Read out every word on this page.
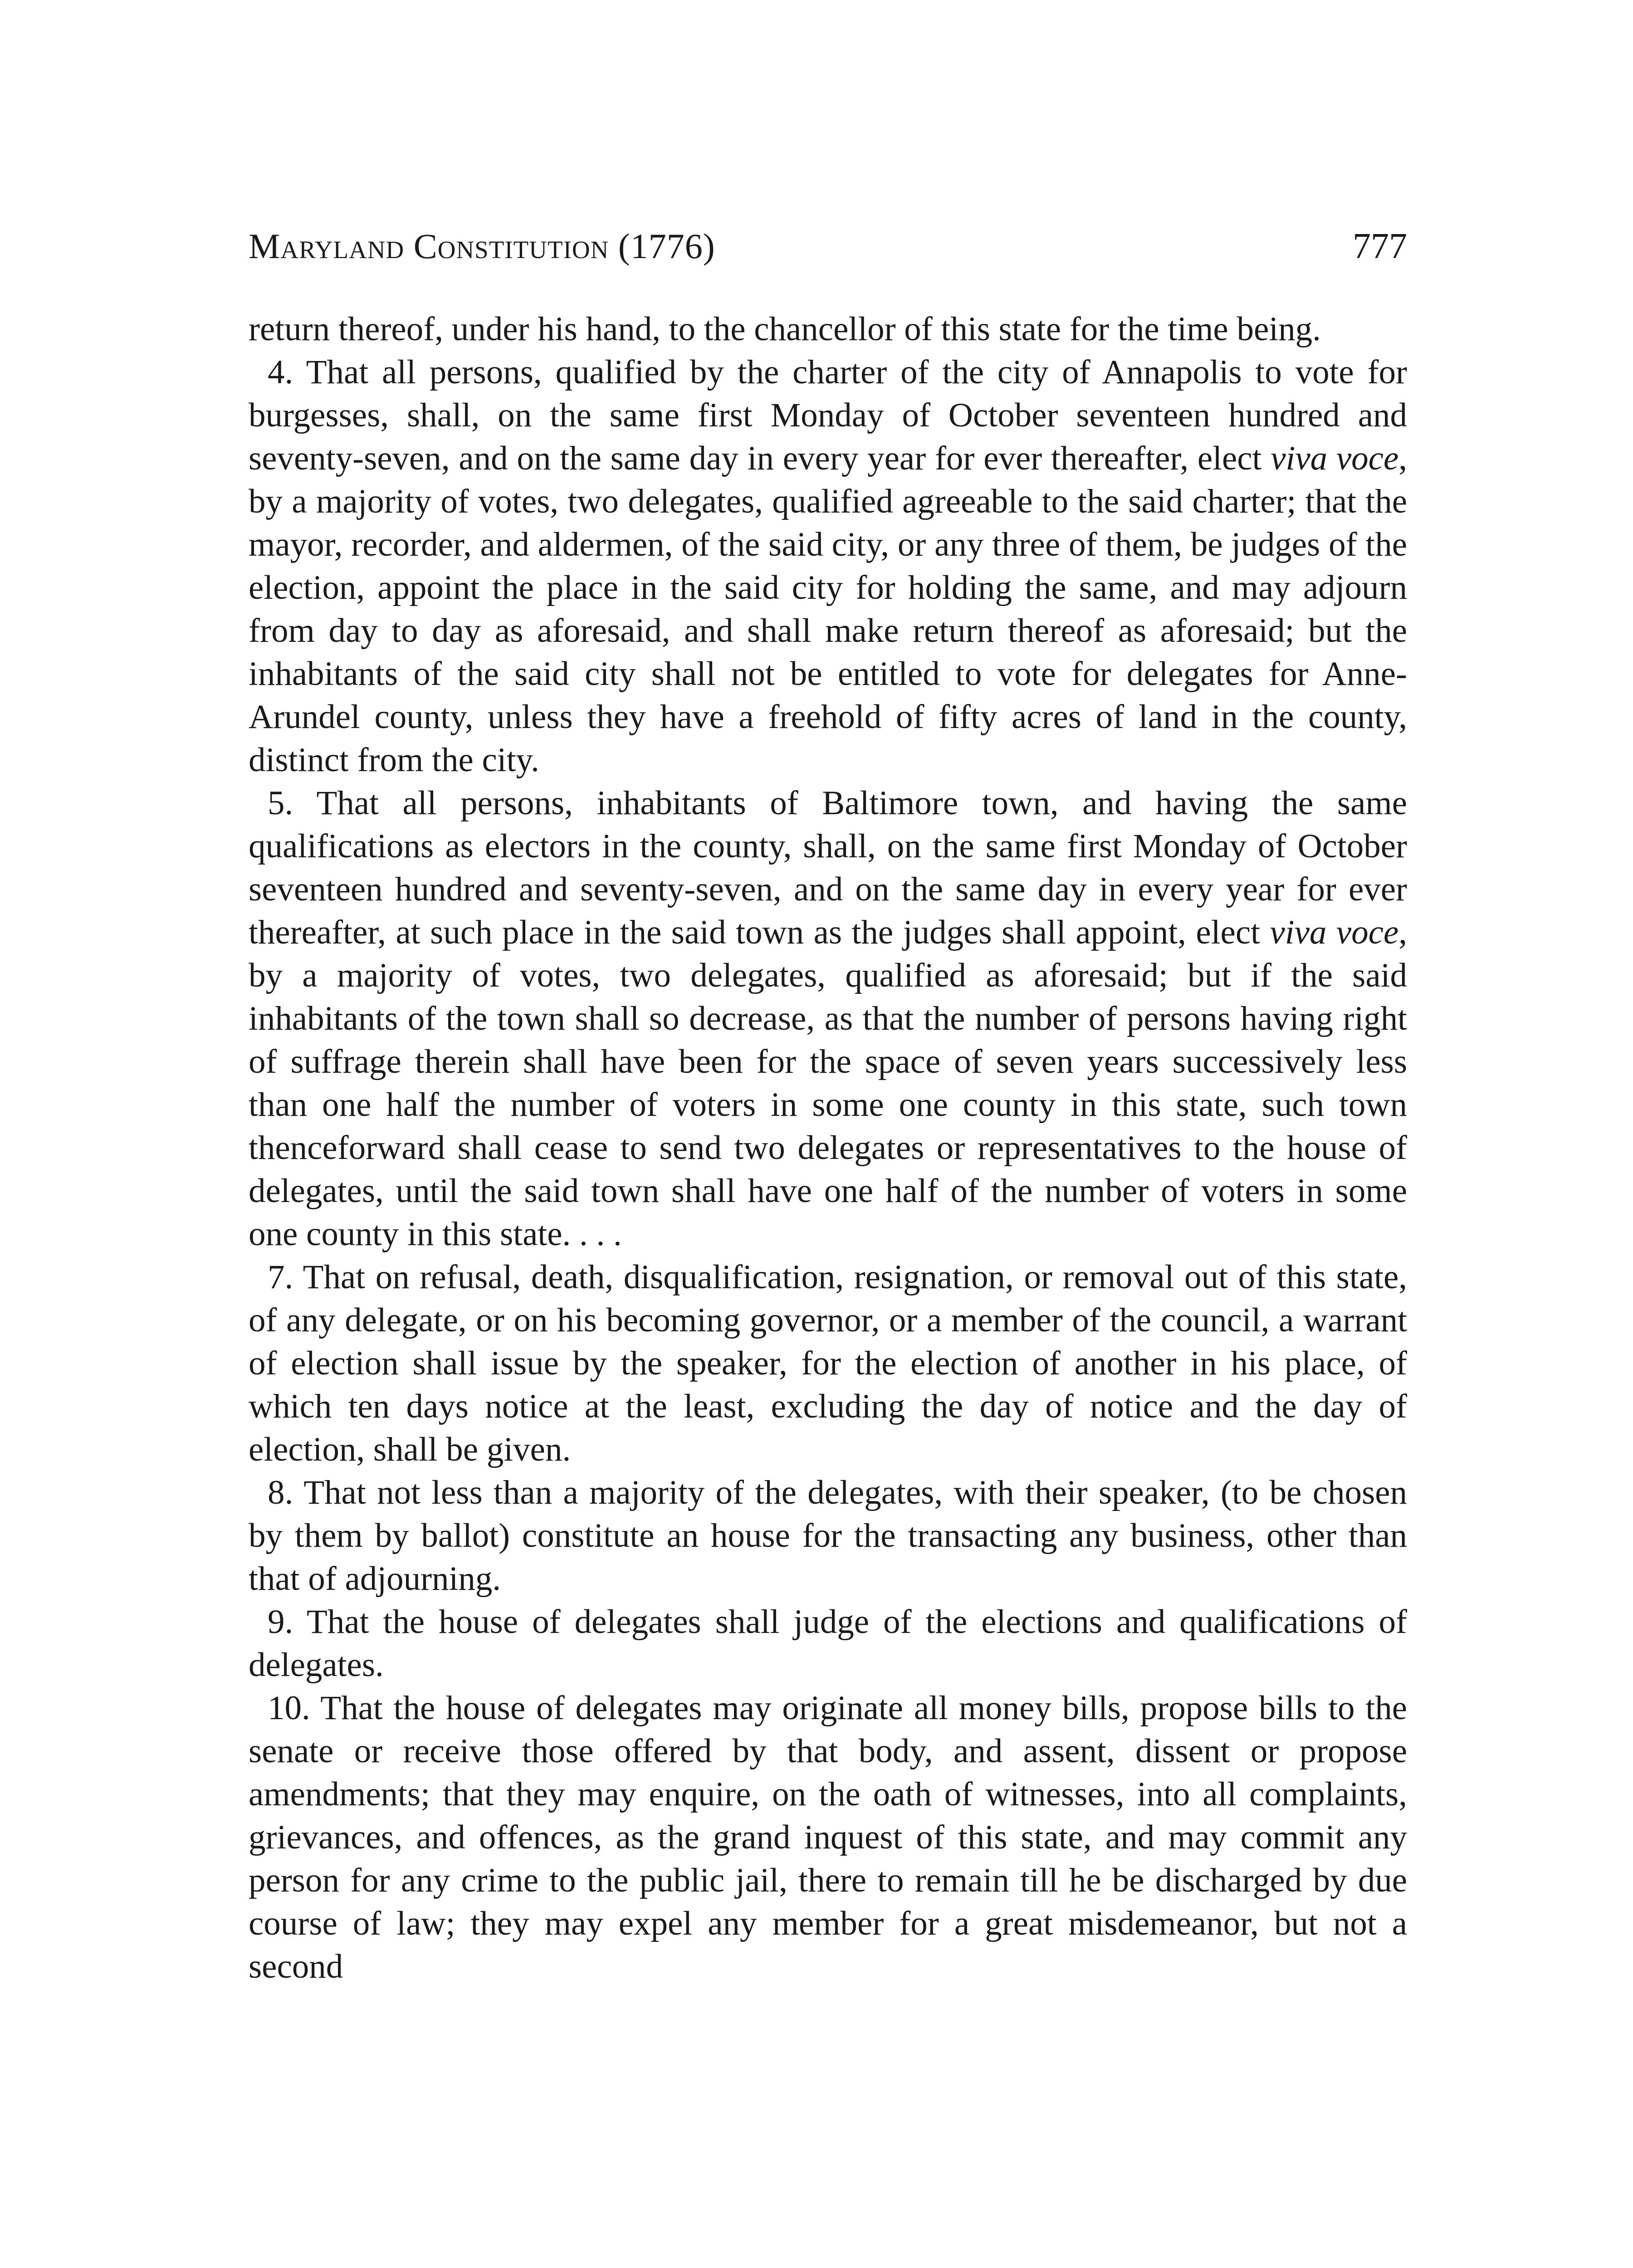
Maryland Constitution (1776)	777

return thereof, under his hand, to the chancellor of this state for the time being.

4. That all persons, qualified by the charter of the city of Annapolis to vote for burgesses, shall, on the same first Monday of October seventeen hundred and seventy-seven, and on the same day in every year for ever thereafter, elect viva voce, by a majority of votes, two delegates, qualified agreeable to the said charter; that the mayor, recorder, and aldermen, of the said city, or any three of them, be judges of the election, appoint the place in the said city for holding the same, and may adjourn from day to day as aforesaid, and shall make return thereof as aforesaid; but the inhabitants of the said city shall not be entitled to vote for delegates for Anne-Arundel county, unless they have a freehold of fifty acres of land in the county, distinct from the city.

5. That all persons, inhabitants of Baltimore town, and having the same qualifications as electors in the county, shall, on the same first Monday of October seventeen hundred and seventy-seven, and on the same day in every year for ever thereafter, at such place in the said town as the judges shall appoint, elect viva voce, by a majority of votes, two delegates, qualified as aforesaid; but if the said inhabitants of the town shall so decrease, as that the number of persons having right of suffrage therein shall have been for the space of seven years successively less than one half the number of voters in some one county in this state, such town thenceforward shall cease to send two delegates or representatives to the house of delegates, until the said town shall have one half of the number of voters in some one county in this state. . . .

7. That on refusal, death, disqualification, resignation, or removal out of this state, of any delegate, or on his becoming governor, or a member of the council, a warrant of election shall issue by the speaker, for the election of another in his place, of which ten days notice at the least, excluding the day of notice and the day of election, shall be given.

8. That not less than a majority of the delegates, with their speaker, (to be chosen by them by ballot) constitute an house for the transacting any business, other than that of adjourning.

9. That the house of delegates shall judge of the elections and qualifications of delegates.

10. That the house of delegates may originate all money bills, propose bills to the senate or receive those offered by that body, and assent, dissent or propose amendments; that they may enquire, on the oath of witnesses, into all complaints, grievances, and offences, as the grand inquest of this state, and may commit any person for any crime to the public jail, there to remain till he be discharged by due course of law; they may expel any member for a great misdemeanor, but not a second
